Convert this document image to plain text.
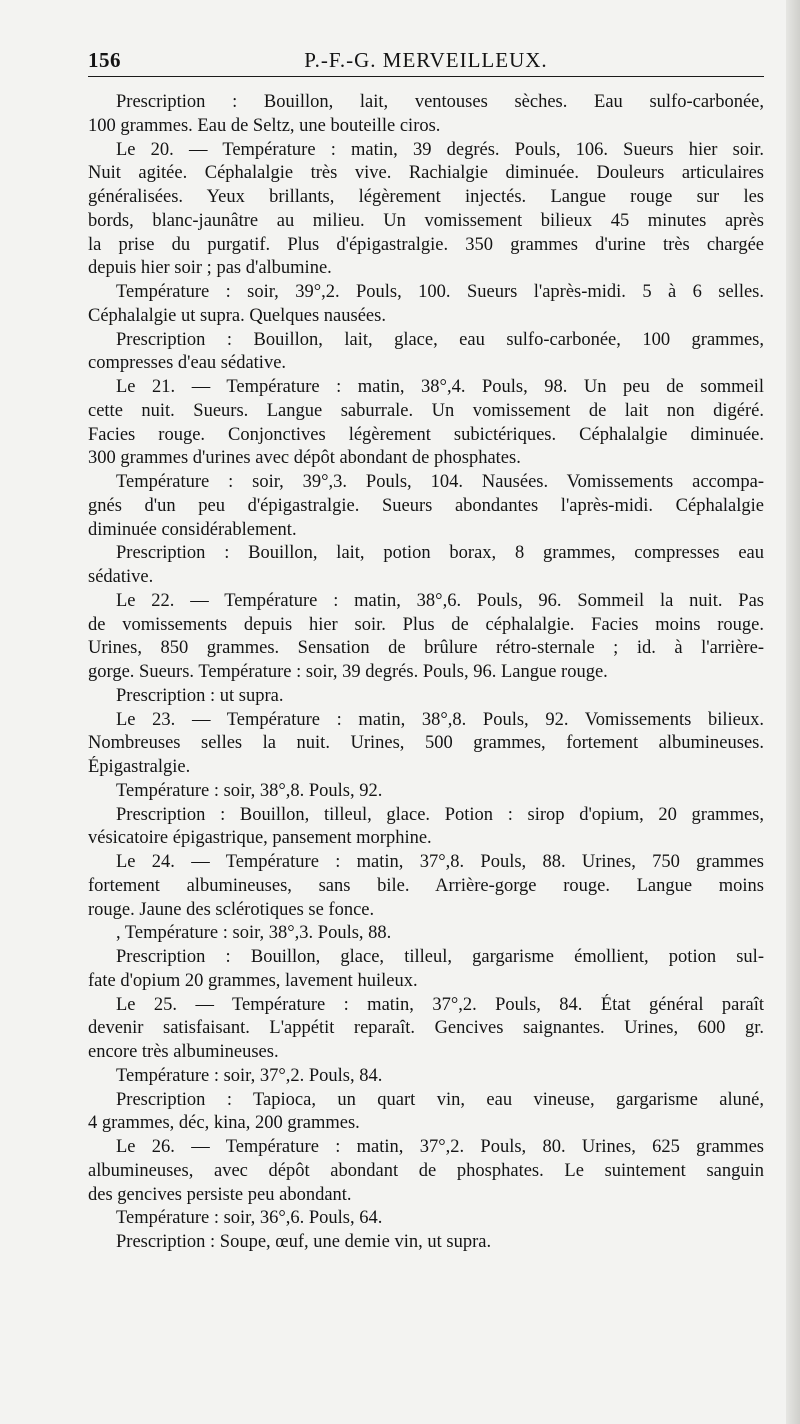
156	P.-F.-G. MERVEILLEUX.
Prescription : Bouillon, lait, ventouses sèches. Eau sulfo-carbonée,
100 grammes. Eau de Seltz, une bouteille ciros.
Le 20. — Température : matin, 39 degrés. Pouls, 106. Sueurs hier soir.
Nuit agitée. Céphalalgie très vive. Rachialgie diminuée. Douleurs articulaires
généralisées. Yeux brillants, légèrement injectés. Langue rouge sur les
bords, blanc-jaunâtre au milieu. Un vomissement bilieux 45 minutes après
la prise du purgatif. Plus d'épigastralgie. 350 grammes d'urine très chargée
depuis hier soir ; pas d'albumine.
Température : soir, 39°,2. Pouls, 100. Sueurs l'après-midi. 5 à 6 selles.
Céphalalgie ut supra. Quelques nausées.
Prescription : Bouillon, lait, glace, eau sulfo-carbonée, 100 grammes,
compresses d'eau sédative.
Le 21. — Température : matin, 38°,4. Pouls, 98. Un peu de sommeil
cette nuit. Sueurs. Langue saburrale. Un vomissement de lait non digéré.
Facies rouge. Conjonctives légèrement subictériques. Céphalalgie diminuée.
300 grammes d'urines avec dépôt abondant de phosphates.
Température : soir, 39°,3. Pouls, 104. Nausées. Vomissements accompa-
gnés d'un peu d'épigastralgie. Sueurs abondantes l'après-midi. Céphalalgie
diminuée considérablement.
Prescription : Bouillon, lait, potion borax, 8 grammes, compresses eau
sédative.
Le 22. — Température : matin, 38°,6. Pouls, 96. Sommeil la nuit. Pas
de vomissements depuis hier soir. Plus de céphalalgie. Facies moins rouge.
Urines, 850 grammes. Sensation de brûlure rétro-sternale ; id. à l'arrière-
gorge. Sueurs. Température : soir, 39 degrés. Pouls, 96. Langue rouge.
Prescription : ut supra.
Le 23. — Température : matin, 38°,8. Pouls, 92. Vomissements bilieux.
Nombreuses selles la nuit. Urines, 500 grammes, fortement albumineuses.
Épigastralgie.
Température : soir, 38°,8. Pouls, 92.
Prescription : Bouillon, tilleul, glace. Potion : sirop d'opium, 20 grammes,
vésicatoire épigastrique, pansement morphine.
Le 24. — Température : matin, 37°,8. Pouls, 88. Urines, 750 grammes
fortement albumineuses, sans bile. Arrière-gorge rouge. Langue moins
rouge. Jaune des sclérotiques se fonce.
, Température : soir, 38°,3. Pouls, 88.
Prescription : Bouillon, glace, tilleul, gargarisme émollient, potion sul-
fate d'opium 20 grammes, lavement huileux.
Le 25. — Température : matin, 37°,2. Pouls, 84. État général paraît
devenir satisfaisant. L'appétit reparaît. Gencives saignantes. Urines, 600 gr.
encore très albumineuses.
Température : soir, 37°,2. Pouls, 84.
Prescription : Tapioca, un quart vin, eau vineuse, gargarisme aluné,
4 grammes, déc, kina, 200 grammes.
Le 26. — Température : matin, 37°,2. Pouls, 80. Urines, 625 grammes
albumineuses, avec dépôt abondant de phosphates. Le suintement sanguin
des gencives persiste peu abondant.
Température : soir, 36°,6. Pouls, 64.
Prescription : Soupe, œuf, une demie vin, ut supra.
